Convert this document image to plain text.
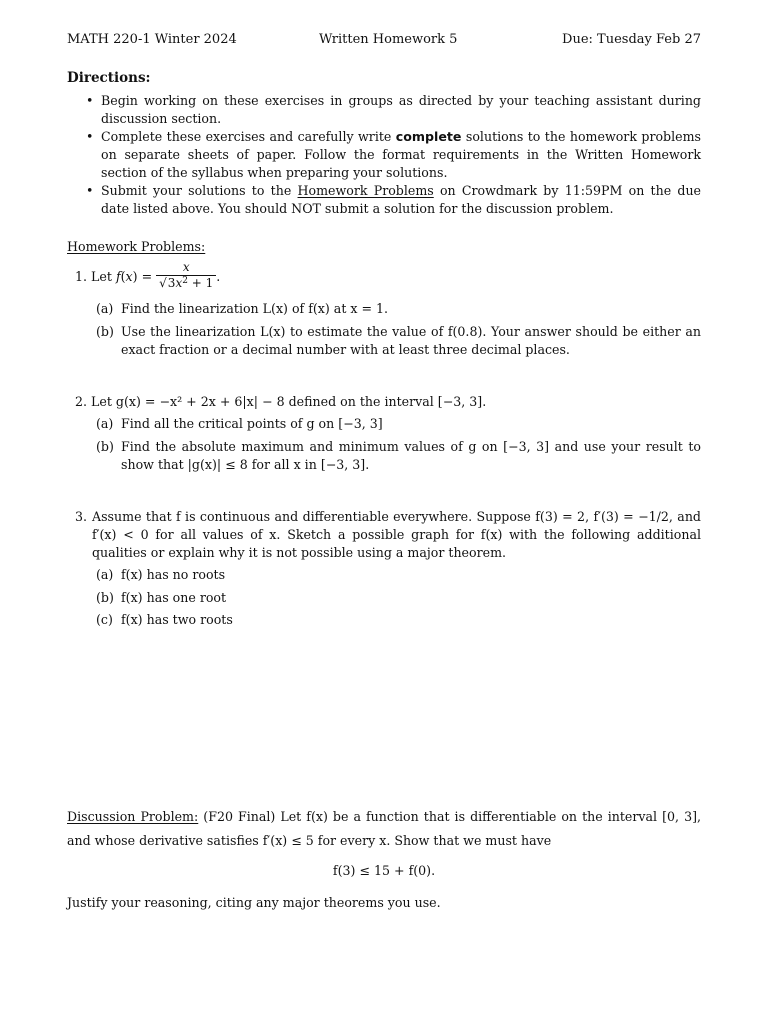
MATH 220-1 Winter 2024	Written Homework 5	Due: Tuesday Feb 27
Directions:
• Begin working on these exercises in groups as directed by your teaching assistant during discussion section.
• Complete these exercises and carefully write complete solutions to the homework problems on separate sheets of paper. Follow the format requirements in the Written Homework section of the syllabus when preparing your solutions.
• Submit your solutions to the Homework Problems on Crowdmark by 11:59PM on the due date listed above. You should NOT submit a solution for the discussion problem.
Homework Problems:
1. Let $f(x) = \frac{x}{√3x^2 + 1}$ .
(a) Find the linearization L(x) of f(x) at x = 1.
(b) Use the linearization L(x) to estimate the value of f(0.8). Your answer should be either an exact fraction or a decimal number with at least three decimal places.
2. Let g(x) = −x² + 2x + 6|x| − 8 defined on the interval [−3, 3].
(a) Find all the critical points of g on [−3, 3]
(b) Find the absolute maximum and minimum values of g on [−3, 3] and use your result to show that |g(x)| ≤ 8 for all x in [−3, 3].
3. Assume that f is continuous and differentiable everywhere. Suppose f(3) = 2, f′(3) = −1/2, and f′(x) < 0 for all values of x. Sketch a possible graph for f(x) with the following additional qualities or explain why it is not possible using a major theorem.
(a) f(x) has no roots
(b) f(x) has one root
(c) f(x) has two roots
Discussion Problem: (F20 Final) Let f(x) be a function that is differentiable on the interval [0, 3], and whose derivative satisfies f′(x) ≤ 5 for every x. Show that we must have
f(3) ≤ 15 + f(0).
Justify your reasoning, citing any major theorems you use.
